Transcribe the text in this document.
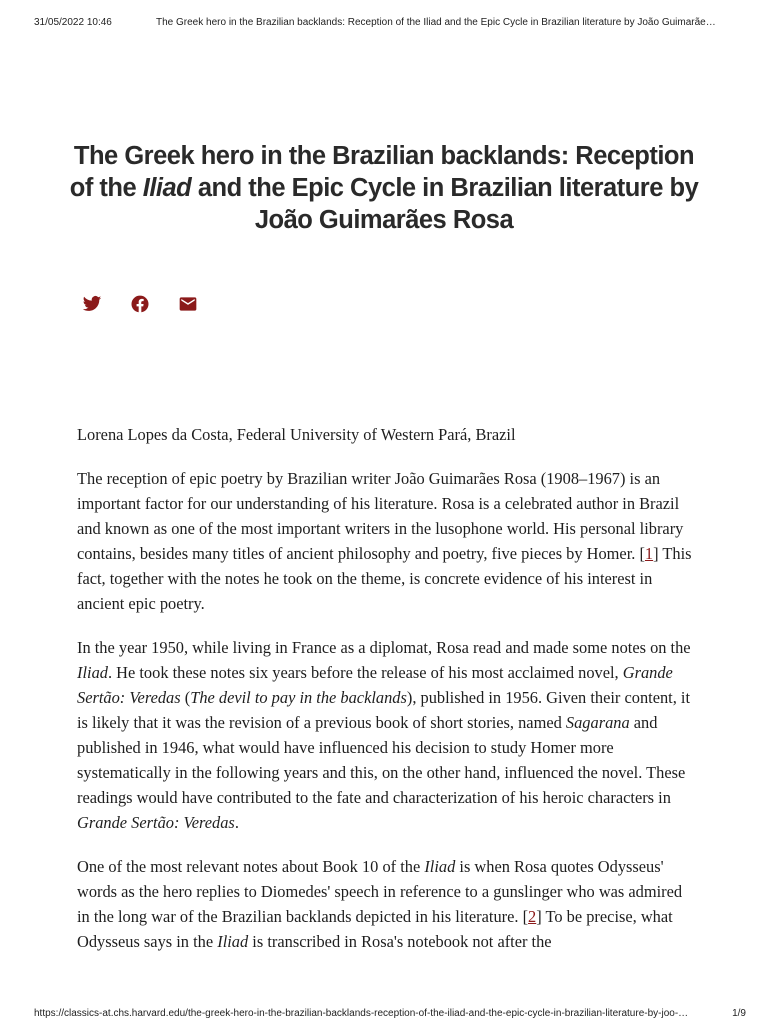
31/05/2022 10:46	The Greek hero in the Brazilian backlands: Reception of the Iliad and the Epic Cycle in Brazilian literature by João Guimarãe…
The Greek hero in the Brazilian backlands: Reception of the Iliad and the Epic Cycle in Brazilian literature by João Guimarães Rosa

Lorena Lopes da Costa, Federal University of Western Pará, Brazil

The reception of epic poetry by Brazilian writer João Guimarães Rosa (1908–1967) is an important factor for our understanding of his literature. Rosa is a celebrated author in Brazil and known as one of the most important writers in the lusophone world. His personal library contains, besides many titles of ancient philosophy and poetry, five pieces by Homer. [1] This fact, together with the notes he took on the theme, is concrete evidence of his interest in ancient epic poetry.

In the year 1950, while living in France as a diplomat, Rosa read and made some notes on the Iliad. He took these notes six years before the release of his most acclaimed novel, Grande Sertão: Veredas (The devil to pay in the backlands), published in 1956. Given their content, it is likely that it was the revision of a previous book of short stories, named Sagarana and published in 1946, what would have influenced his decision to study Homer more systematically in the following years and this, on the other hand, influenced the novel. These readings would have contributed to the fate and characterization of his heroic characters in Grande Sertão: Veredas.

One of the most relevant notes about Book 10 of the Iliad is when Rosa quotes Odysseus' words as the hero replies to Diomedes' speech in reference to a gunslinger who was admired in the long war of the Brazilian backlands depicted in his literature. [2] To be precise, what Odysseus says in the Iliad is transcribed in Rosa's notebook not after the

https://classics-at.chs.harvard.edu/the-greek-hero-in-the-brazilian-backlands-reception-of-the-iliad-and-the-epic-cycle-in-brazilian-literature-by-joo-…	1/9
